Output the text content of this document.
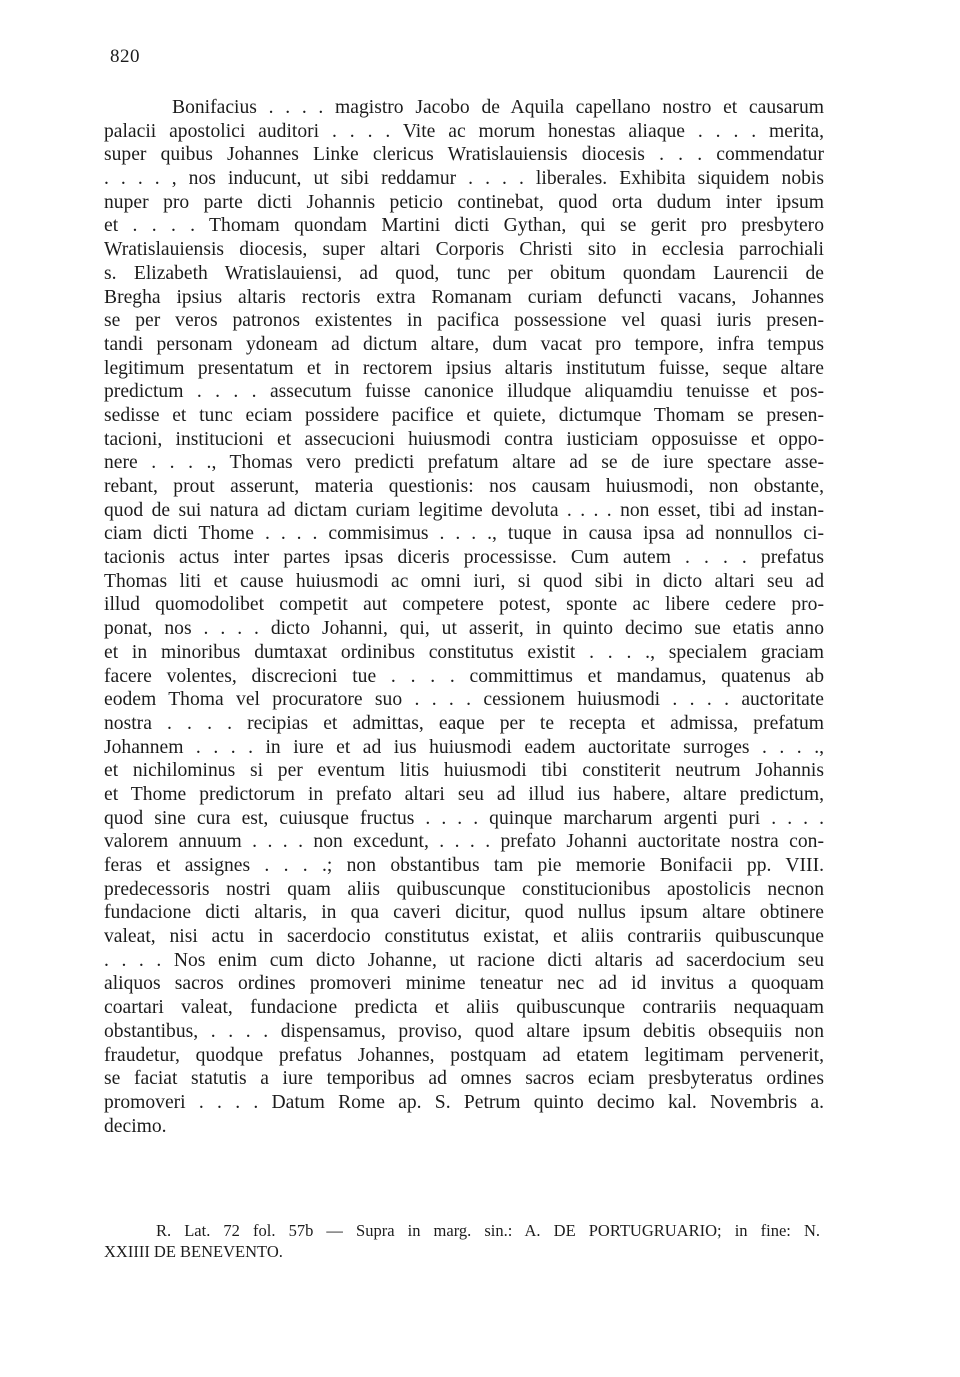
820
Bonifacius . . . . magistro Jacobo de Aquila capellano nostro et causarum
palacii apostolici auditori . . . . Vite ac morum honestas aliaque . . . . merita,
super quibus Johannes Linke clericus Wratislauiensis diocesis . . . commendatur
. . . . , nos inducunt, ut sibi reddamur . . . . liberales. Exhibita siquidem nobis
nuper pro parte dicti Johannis peticio continebat, quod orta dudum inter ipsum
et . . . . Thomam quondam Martini dicti Gythan, qui se gerit pro presbytero
Wratislauiensis diocesis, super altari Corporis Christi sito in ecclesia parrochiali
s. Elizabeth Wratislauiensi, ad quod, tunc per obitum quondam Laurencii de
Bregha ipsius altaris rectoris extra Romanam curiam defuncti vacans, Johannes
se per veros patronos existentes in pacifica possessione vel quasi iuris presen-
tandi personam ydoneam ad dictum altare, dum vacat pro tempore, infra tempus
legitimum presentatum et in rectorem ipsius altaris institutum fuisse, seque altare
predictum . . . . assecutum fuisse canonice illudque aliquamdiu tenuisse et pos-
sedisse et tunc eciam possidere pacifice et quiete, dictumque Thomam se presen-
tacioni, institucioni et assecucioni huiusmodi contra iusticiam opposuisse et oppo-
nere . . . ., Thomas vero predicti prefatum altare ad se de iure spectare asse-
rebant, prout asserunt, materia questionis: nos causam huiusmodi, non obstante,
quod de sui natura ad dictam curiam legitime devoluta . . . . non esset, tibi ad instan-
ciam dicti Thome . . . . commisimus . . . ., tuque in causa ipsa ad nonnullos ci-
tacionis actus inter partes ipsas diceris processisse. Cum autem . . . . prefatus
Thomas liti et cause huiusmodi ac omni iuri, si quod sibi in dicto altari seu ad
illud quomodolibet competit aut competere potest, sponte ac libere cedere pro-
ponat, nos . . . . dicto Johanni, qui, ut asserit, in quinto decimo sue etatis anno
et in minoribus dumtaxat ordinibus constitutus existit . . . ., specialem graciam
facere volentes, discrecioni tue . . . . committimus et mandamus, quatenus ab
eodem Thoma vel procuratore suo . . . . cessionem huiusmodi . . . . auctoritate
nostra . . . . recipias et admittas, eaque per te recepta et admissa, prefatum
Johannem . . . . in iure et ad ius huiusmodi eadem auctoritate surroges . . . .,
et nichilominus si per eventum litis huiusmodi tibi constiterit neutrum Johannis
et Thome predictorum in prefato altari seu ad illud ius habere, altare predictum,
quod sine cura est, cuiusque fructus . . . . quinque marcharum argenti puri . . . .
valorem annuum . . . . non excedunt, . . . . prefato Johanni auctoritate nostra con-
feras et assignes . . . .; non obstantibus tam pie memorie Bonifacii pp. VIII.
predecessoris nostri quam aliis quibuscunque constitucionibus apostolicis necnon
fundacione dicti altaris, in qua caveri dicitur, quod nullus ipsum altare obtinere
valeat, nisi actu in sacerdocio constitutus existat, et aliis contrariis quibuscunque
. . . . Nos enim cum dicto Johanne, ut racione dicti altaris ad sacerdocium seu
aliquos sacros ordines promoveri minime teneatur nec ad id invitus a quoquam
coartari valeat, fundacione predicta et aliis quibuscunque contrariis nequaquam
obstantibus, . . . . dispensamus, proviso, quod altare ipsum debitis obsequiis non
fraudetur, quodque prefatus Johannes, postquam ad etatem legitimam pervenerit,
se faciat statutis a iure temporibus ad omnes sacros eciam presbyteratus ordines
promoveri . . . . Datum Rome ap. S. Petrum quinto decimo kal. Novembris a.
decimo.
R. Lat. 72 fol. 57b — Supra in marg. sin.: A. DE PORTUGRUARIO; in fine: N.
XXIIII DE BENEVENTO.
